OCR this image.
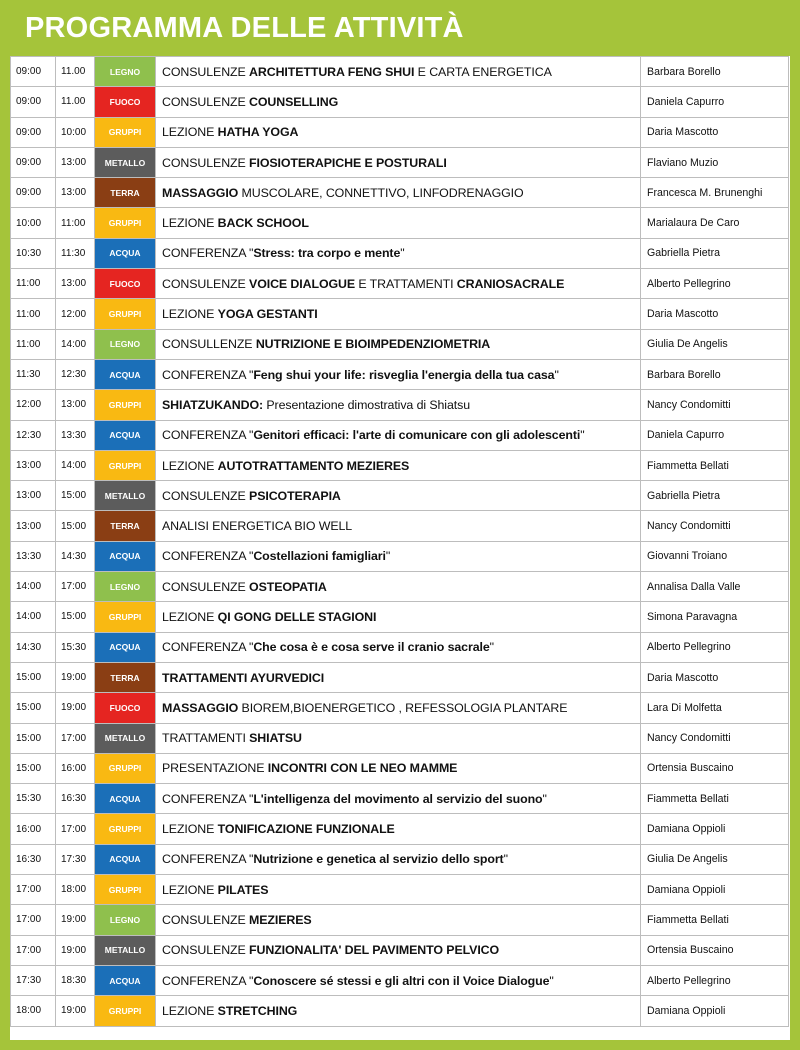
PROGRAMMA DELLE ATTIVITÀ
09:00	11.00	LEGNO	CONSULENZE ARCHITETTURA FENG SHUI E CARTA ENERGETICA	Barbara Borello
09:00	11.00	FUOCO	CONSULENZE COUNSELLING	Daniela Capurro
09:00	10:00	GRUPPI	LEZIONE HATHA YOGA	Daria Mascotto
09:00	13:00	METALLO	CONSULENZE FIOSIOTERAPICHE E POSTURALI	Flaviano Muzio
09:00	13:00	TERRA	MASSAGGIO MUSCOLARE, CONNETTIVO, LINFODRENAGGIO	Francesca M. Brunenghi
10:00	11:00	GRUPPI	LEZIONE BACK SCHOOL	Marialaura De Caro
10:30	11:30	ACQUA	CONFERENZA "Stress: tra corpo e mente"	Gabriella Pietra
11:00	13:00	FUOCO	CONSULENZE VOICE DIALOGUE E TRATTAMENTI CRANIOSACRALE	Alberto Pellegrino
11:00	12:00	GRUPPI	LEZIONE YOGA GESTANTI	Daria Mascotto
11:00	14:00	LEGNO	CONSULLENZE NUTRIZIONE E BIOIMPEDENZIOMETRIA	Giulia De Angelis
11:30	12:30	ACQUA	CONFERENZA "Feng shui your life: risveglia l'energia della tua casa"	Barbara Borello
12:00	13:00	GRUPPI	SHIATZUKANDO: Presentazione dimostrativa di Shiatsu	Nancy Condomitti
12:30	13:30	ACQUA	CONFERENZA "Genitori efficaci: l'arte di comunicare con gli adolescenti"	Daniela Capurro
13:00	14:00	GRUPPI	LEZIONE AUTOTRATTAMENTO MEZIERES	Fiammetta Bellati
13:00	15:00	METALLO	CONSULENZE PSICOTERAPIA	Gabriella Pietra
13:00	15:00	TERRA	ANALISI ENERGETICA BIO WELL	Nancy Condomitti
13:30	14:30	ACQUA	CONFERENZA "Costellazioni famigliari"	Giovanni Troiano
14:00	17:00	LEGNO	CONSULENZE OSTEOPATIA	Annalisa Dalla Valle
14:00	15:00	GRUPPI	LEZIONE QI GONG DELLE STAGIONI	Simona Paravagna
14:30	15:30	ACQUA	CONFERENZA "Che cosa è e cosa serve il cranio sacrale"	Alberto Pellegrino
15:00	19:00	TERRA	TRATTAMENTI AYURVEDICI	Daria Mascotto
15:00	19:00	FUOCO	MASSAGGIO BIOREM,BIOENERGETICO , REFESSOLOGIA PLANTARE	Lara Di Molfetta
15:00	17:00	METALLO	TRATTAMENTI SHIATSU	Nancy Condomitti
15:00	16:00	GRUPPI	PRESENTAZIONE INCONTRI CON LE NEO MAMME	Ortensia Buscaino
15:30	16:30	ACQUA	CONFERENZA "L'intelligenza del movimento al servizio del suono"	Fiammetta Bellati
16:00	17:00	GRUPPI	LEZIONE TONIFICAZIONE FUNZIONALE	Damiana Oppioli
16:30	17:30	ACQUA	CONFERENZA "Nutrizione e genetica al servizio dello sport"	Giulia De Angelis
17:00	18:00	GRUPPI	LEZIONE PILATES	Damiana Oppioli
17:00	19:00	LEGNO	CONSULENZE MEZIERES	Fiammetta Bellati
17:00	19:00	METALLO	CONSULENZE FUNZIONALITA' DEL PAVIMENTO PELVICO	Ortensia Buscaino
17:30	18:30	ACQUA	CONFERENZA "Conoscere sé stessi e gli altri con il Voice Dialogue"	Alberto Pellegrino
18:00	19:00	GRUPPI	LEZIONE STRETCHING	Damiana Oppioli
